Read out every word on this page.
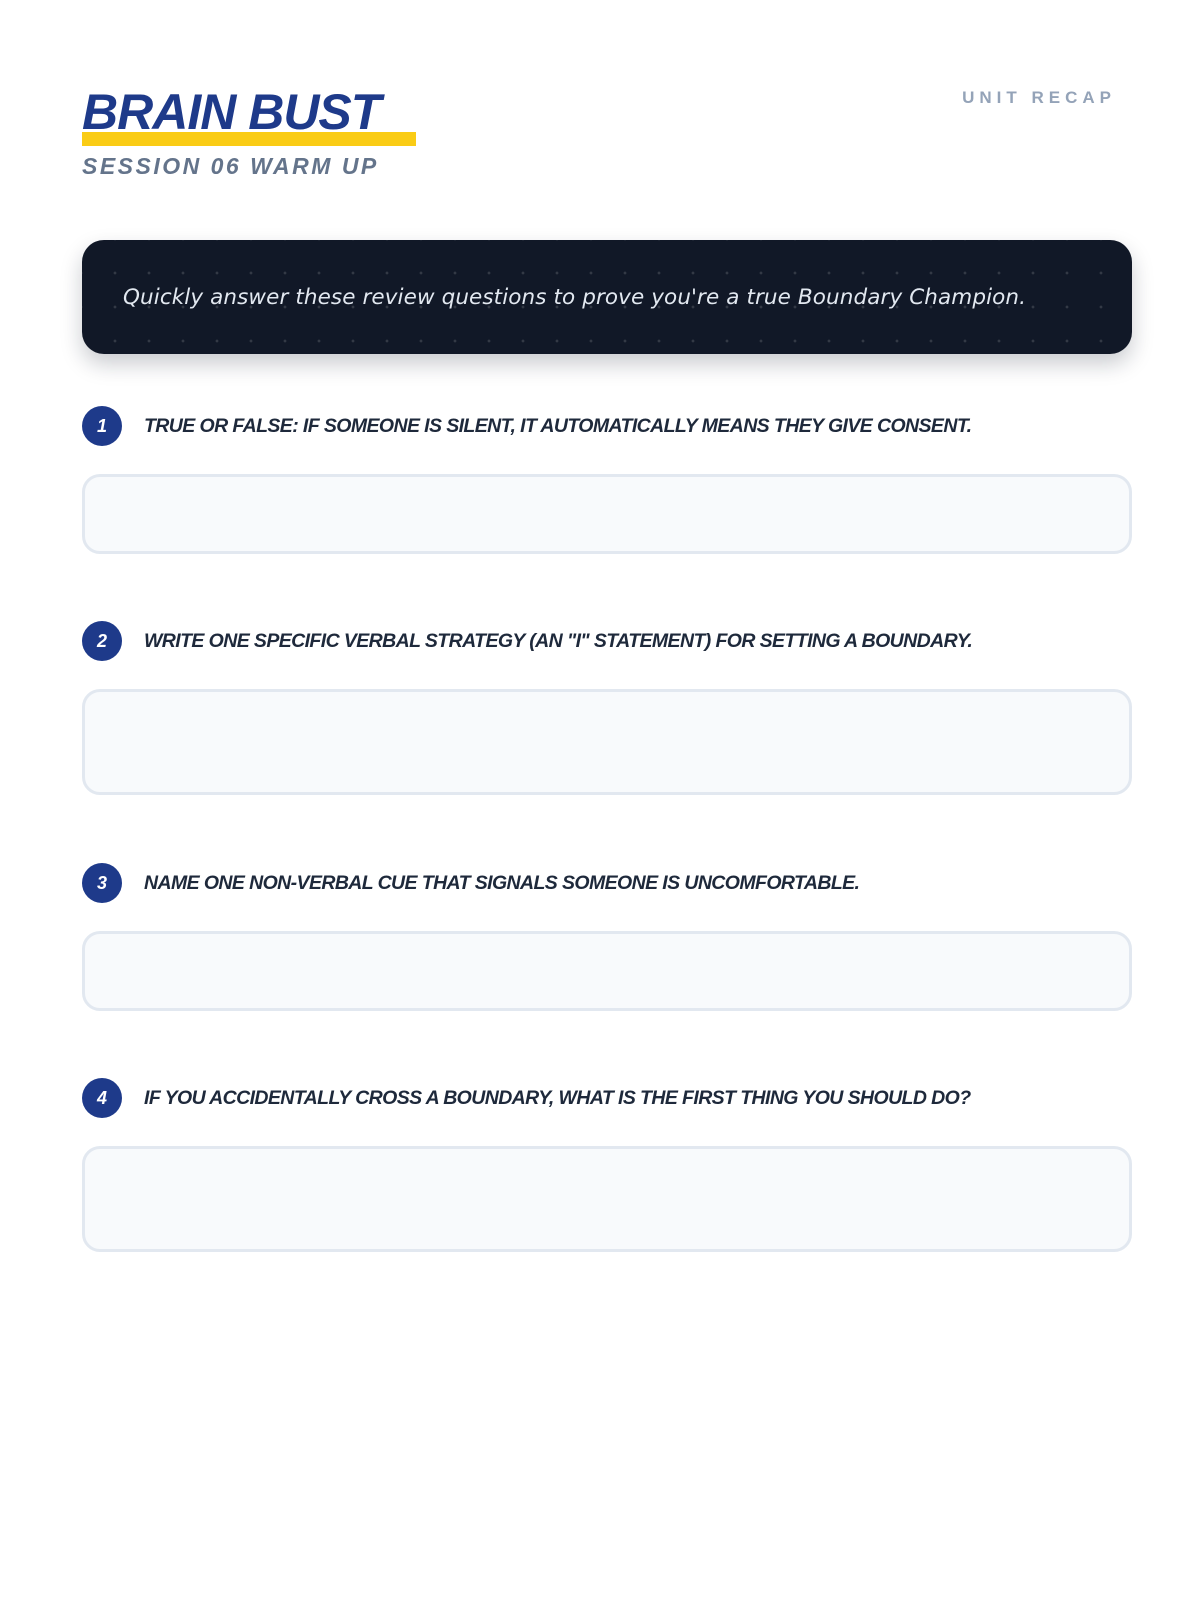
BRAIN BUST
SESSION 06 WARM UP
UNIT RECAP
Quickly answer these review questions to prove you're a true Boundary Champion.
1	TRUE OR FALSE: IF SOMEONE IS SILENT, IT AUTOMATICALLY MEANS THEY GIVE CONSENT.
2	WRITE ONE SPECIFIC VERBAL STRATEGY (AN "I" STATEMENT) FOR SETTING A BOUNDARY.
3	NAME ONE NON-VERBAL CUE THAT SIGNALS SOMEONE IS UNCOMFORTABLE.
4	IF YOU ACCIDENTALLY CROSS A BOUNDARY, WHAT IS THE FIRST THING YOU SHOULD DO?
